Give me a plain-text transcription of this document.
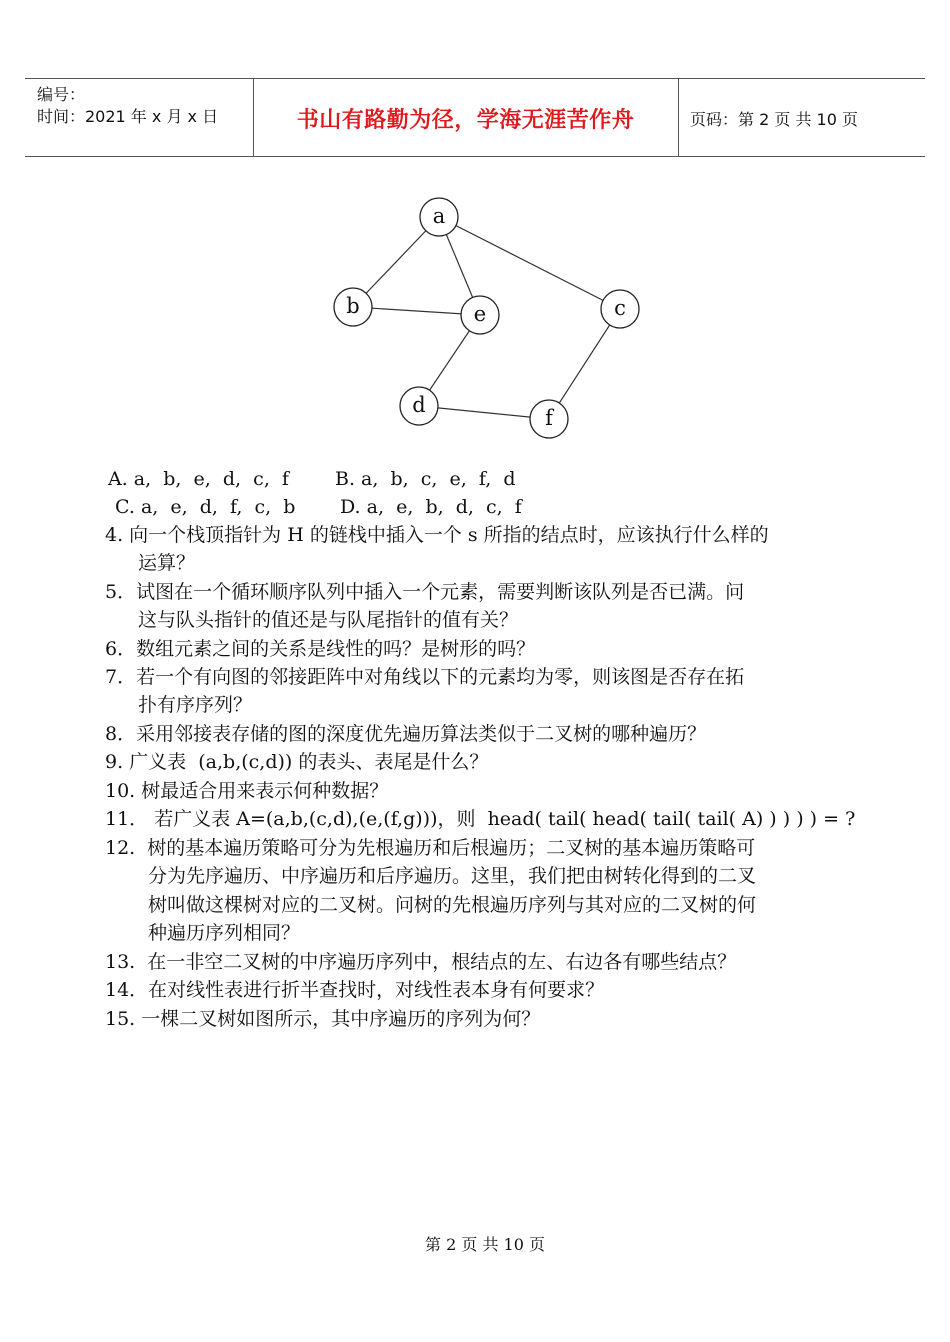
编号：
时间：2021 年 x 月 x 日	书山有路勤为径，学海无涯苦作舟	页码：第 2 页 共 10 页
a
b	e	c
d
f
A. a,  b,  e,  d,  c,  f B. a,  b,  c,  e,  f,  d
C. a,  e,  d,  f,  c,  b D. a,  e,  b,  d,  c,  f
4. 向一个栈顶指针为 H 的链栈中插入一个 s 所指的结点时，应该执行什么样的
运算？
5．试图在一个循环顺序队列中插入一个元素，需要判断该队列是否已满。问
这与队头指针的值还是与队尾指针的值有关？
6．数组元素之间的关系是线性的吗？是树形的吗？
7．若一个有向图的邻接距阵中对角线以下的元素均为零，则该图是否存在拓
扑有序序列？
8．采用邻接表存储的图的深度优先遍历算法类似于二叉树的哪种遍历？
9. 广义表  (a,b,(c,d)) 的表头、表尾是什么？
10. 树最适合用来表示何种数据？
11． 若广义表 A=(a,b,(c,d),(e,(f,g)))，则  head( tail( head( tail( tail( A) ) ) ) ) = ?
12.  树的基本遍历策略可分为先根遍历和后根遍历；二叉树的基本遍历策略可
分为先序遍历、中序遍历和后序遍历。这里，我们把由树转化得到的二叉
树叫做这棵树对应的二叉树。问树的先根遍历序列与其对应的二叉树的何
种遍历序列相同？
13.  在一非空二叉树的中序遍历序列中，根结点的左、右边各有哪些结点？
14．在对线性表进行折半查找时，对线性表本身有何要求？
15. 一棵二叉树如图所示，其中序遍历的序列为何？
第 2 页 共 10 页
